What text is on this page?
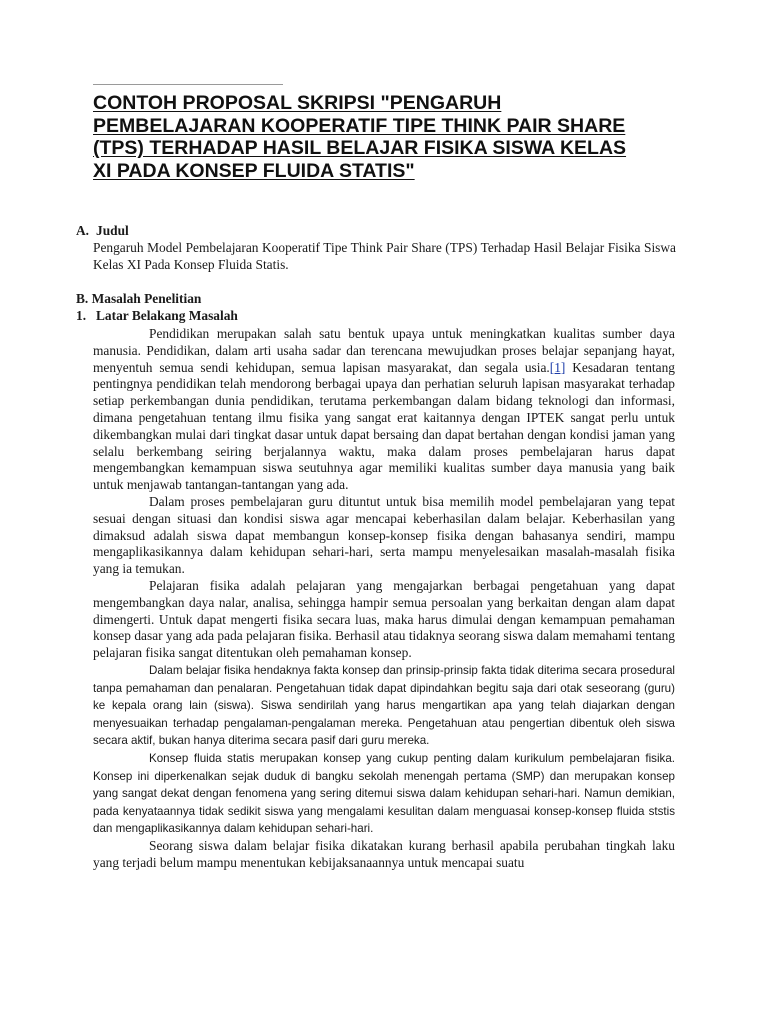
CONTOH PROPOSAL SKRIPSI "PENGARUH
PEMBELAJARAN KOOPERATIF TIPE THINK PAIR SHARE
(TPS) TERHADAP HASIL BELAJAR FISIKA SISWA KELAS
XI PADA KONSEP FLUIDA STATIS"
A. Judul

Pengaruh Model Pembelajaran Kooperatif Tipe Think Pair Share (TPS) Terhadap Hasil Belajar Fisika Siswa Kelas XI Pada Konsep Fluida Statis.

B. Masalah Penelitian
1. Latar Belakang Masalah

Pendidikan merupakan salah satu bentuk upaya untuk meningkatkan kualitas sumber daya manusia. Pendidikan, dalam arti usaha sadar dan terencana mewujudkan proses belajar sepanjang hayat, menyentuh semua sendi kehidupan, semua lapisan masyarakat, dan segala usia.[1] Kesadaran tentang pentingnya pendidikan telah mendorong berbagai upaya dan perhatian seluruh lapisan masyarakat terhadap setiap perkembangan dunia pendidikan, terutama perkembangan dalam bidang teknologi dan informasi, dimana pengetahuan tentang ilmu fisika yang sangat erat kaitannya dengan IPTEK sangat perlu untuk dikembangkan mulai dari tingkat dasar untuk dapat bersaing dan dapat bertahan dengan kondisi jaman yang selalu berkembang seiring berjalannya waktu, maka dalam proses pembelajaran harus dapat mengembangkan kemampuan siswa seutuhnya agar memiliki kualitas sumber daya manusia yang baik untuk menjawab tantangan-tantangan yang ada.

Dalam proses pembelajaran guru dituntut untuk bisa memilih model pembelajaran yang tepat sesuai dengan situasi dan kondisi siswa agar mencapai keberhasilan dalam belajar. Keberhasilan yang dimaksud adalah siswa dapat membangun konsep-konsep fisika dengan bahasanya sendiri, mampu mengaplikasikannya dalam kehidupan sehari-hari, serta mampu menyelesaikan masalah-masalah fisika yang ia temukan.

Pelajaran fisika adalah pelajaran yang mengajarkan berbagai pengetahuan yang dapat mengembangkan daya nalar, analisa, sehingga hampir semua persoalan yang berkaitan dengan alam dapat dimengerti. Untuk dapat mengerti fisika secara luas, maka harus dimulai dengan kemampuan pemahaman konsep dasar yang ada pada pelajaran fisika. Berhasil atau tidaknya seorang siswa dalam memahami tentang pelajaran fisika sangat ditentukan oleh pemahaman konsep.

Dalam belajar fisika hendaknya fakta konsep dan prinsip-prinsip fakta tidak diterima secara prosedural tanpa pemahaman dan penalaran. Pengetahuan tidak dapat dipindahkan begitu saja dari otak seseorang (guru) ke kepala orang lain (siswa). Siswa sendirilah yang harus mengartikan apa yang telah diajarkan dengan menyesuaikan terhadap pengalaman-pengalaman mereka. Pengetahuan atau pengertian dibentuk oleh siswa secara aktif, bukan hanya diterima secara pasif dari guru mereka.

Konsep fluida statis merupakan konsep yang cukup penting dalam kurikulum pembelajaran fisika. Konsep ini diperkenalkan sejak duduk di bangku sekolah menengah pertama (SMP) dan merupakan konsep yang sangat dekat dengan fenomena yang sering ditemui siswa dalam kehidupan sehari-hari. Namun demikian, pada kenyataannya tidak sedikit siswa yang mengalami kesulitan dalam menguasai konsep-konsep fluida ststis dan mengaplikasikannya dalam kehidupan sehari-hari.

Seorang siswa dalam belajar fisika dikatakan kurang berhasil apabila perubahan tingkah laku yang terjadi belum mampu menentukan kebijaksanaannya untuk mencapai suatu
